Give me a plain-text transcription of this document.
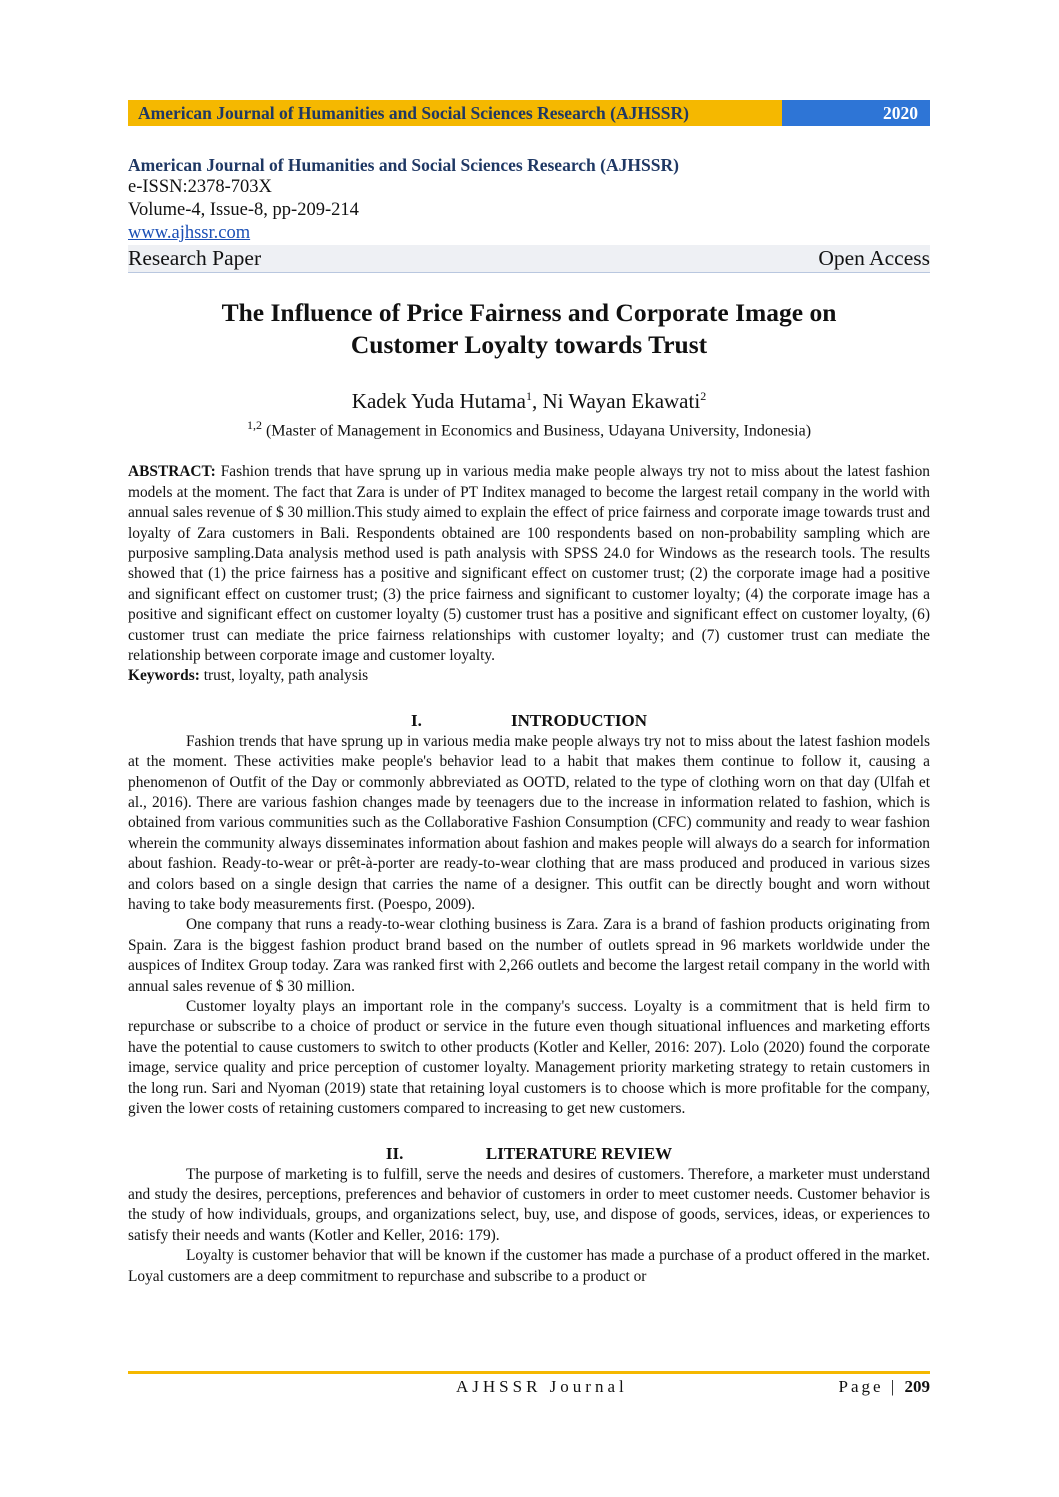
American Journal of Humanities and Social Sciences Research (AJHSSR)	2020
American Journal of Humanities and Social Sciences Research (AJHSSR)
e-ISSN:2378-703X
Volume-4, Issue-8, pp-209-214
www.ajhssr.com
Research Paper	Open Access
The Influence of Price Fairness and Corporate Image on
Customer Loyalty towards Trust
Kadek Yuda Hutama$^1$, Ni Wayan Ekawati$^2$
$^{1,2}$ (Master of Management in Economics and Business, Udayana University, Indonesia)

ABSTRACT: Fashion trends that have sprung up in various media make people always try not to miss about the latest fashion models at the moment. The fact that Zara is under of PT Inditex managed to become the largest retail company in the world with annual sales revenue of $ 30 million.This study aimed to explain the effect of price fairness and corporate image towards trust and loyalty of Zara customers in Bali. Respondents obtained are 100 respondents based on non-probability sampling which are purposive sampling.Data analysis method used is path analysis with SPSS 24.0 for Windows as the research tools. The results showed that (1) the price fairness has a positive and significant effect on customer trust; (2) the corporate image had a positive and significant effect on customer trust; (3) the price fairness and significant to customer loyalty; (4) the corporate image has a positive and significant effect on customer loyalty (5) customer trust has a positive and significant effect on customer loyalty, (6) customer trust can mediate the price fairness relationships with customer loyalty; and (7) customer trust can mediate the relationship between corporate image and customer loyalty.

Keywords: trust, loyalty, path analysis

I.	INTRODUCTION

Fashion trends that have sprung up in various media make people always try not to miss about the latest fashion models at the moment. These activities make people's behavior lead to a habit that makes them continue to follow it, causing a phenomenon of Outfit of the Day or commonly abbreviated as OOTD, related to the type of clothing worn on that day (Ulfah et al., 2016). There are various fashion changes made by teenagers due to the increase in information related to fashion, which is obtained from various communities such as the Collaborative Fashion Consumption (CFC) community and ready to wear fashion wherein the community always disseminates information about fashion and makes people will always do a search for information about fashion. Ready-to-wear or prêt-à-porter are ready-to-wear clothing that are mass produced and produced in various sizes and colors based on a single design that carries the name of a designer. This outfit can be directly bought and worn without having to take body measurements first. (Poespo, 2009).

One company that runs a ready-to-wear clothing business is Zara. Zara is a brand of fashion products originating from Spain. Zara is the biggest fashion product brand based on the number of outlets spread in 96 markets worldwide under the auspices of Inditex Group today. Zara was ranked first with 2,266 outlets and become the largest retail company in the world with annual sales revenue of $ 30 million.

Customer loyalty plays an important role in the company's success. Loyalty is a commitment that is held firm to repurchase or subscribe to a choice of product or service in the future even though situational influences and marketing efforts have the potential to cause customers to switch to other products (Kotler and Keller, 2016: 207). Lolo (2020) found the corporate image, service quality and price perception of customer loyalty. Management priority marketing strategy to retain customers in the long run. Sari and Nyoman (2019) state that retaining loyal customers is to choose which is more profitable for the company, given the lower costs of retaining customers compared to increasing to get new customers.

II.	LITERATURE REVIEW

The purpose of marketing is to fulfill, serve the needs and desires of customers. Therefore, a marketer must understand and study the desires, perceptions, preferences and behavior of customers in order to meet customer needs. Customer behavior is the study of how individuals, groups, and organizations select, buy, use, and dispose of goods, services, ideas, or experiences to satisfy their needs and wants (Kotler and Keller, 2016: 179).

Loyalty is customer behavior that will be known if the customer has made a purchase of a product offered in the market. Loyal customers are a deep commitment to repurchase and subscribe to a product or

AJHSSR Journal	Page | 209
